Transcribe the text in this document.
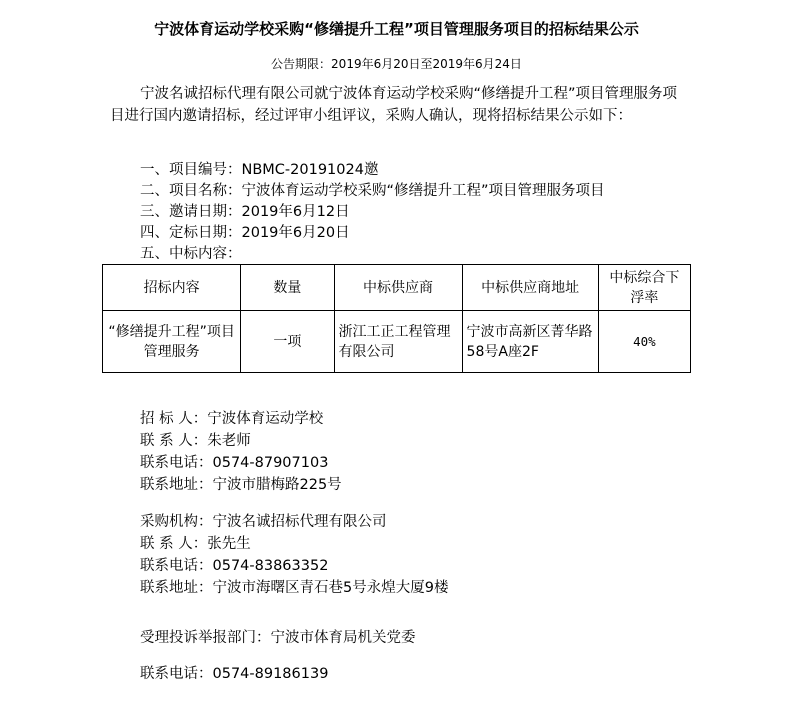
宁波体育运动学校采购“修缮提升工程”项目管理服务项目的招标结果公示
公告期限：2019年6月20日至2019年6月24日
宁波名诚招标代理有限公司就宁波体育运动学校采购“修缮提升工程”项目管理服务项目进行国内邀请招标，经过评审小组评议，采购人确认，现将招标结果公示如下：
一、项目编号：NBMC-20191024邀
二、项目名称：宁波体育运动学校采购“修缮提升工程”项目管理服务项目
三、邀请日期：2019年6月12日
四、定标日期：2019年6月20日
五、中标内容：
招标内容	数量	中标供应商	中标供应商地址	中标综合下浮率
“修缮提升工程”项目管理服务	一项	浙江工正工程管理有限公司	宁波市高新区菁华路58号A座2F	40%
招 标 人：宁波体育运动学校
联 系 人：朱老师
联系电话：0574-87907103
联系地址：宁波市腊梅路225号
采购机构：宁波名诚招标代理有限公司
联 系 人：张先生
联系电话：0574-83863352
联系地址：宁波市海曙区青石巷5号永煌大厦9楼
受理投诉举报部门：宁波市体育局机关党委
联系电话：0574-89186139
